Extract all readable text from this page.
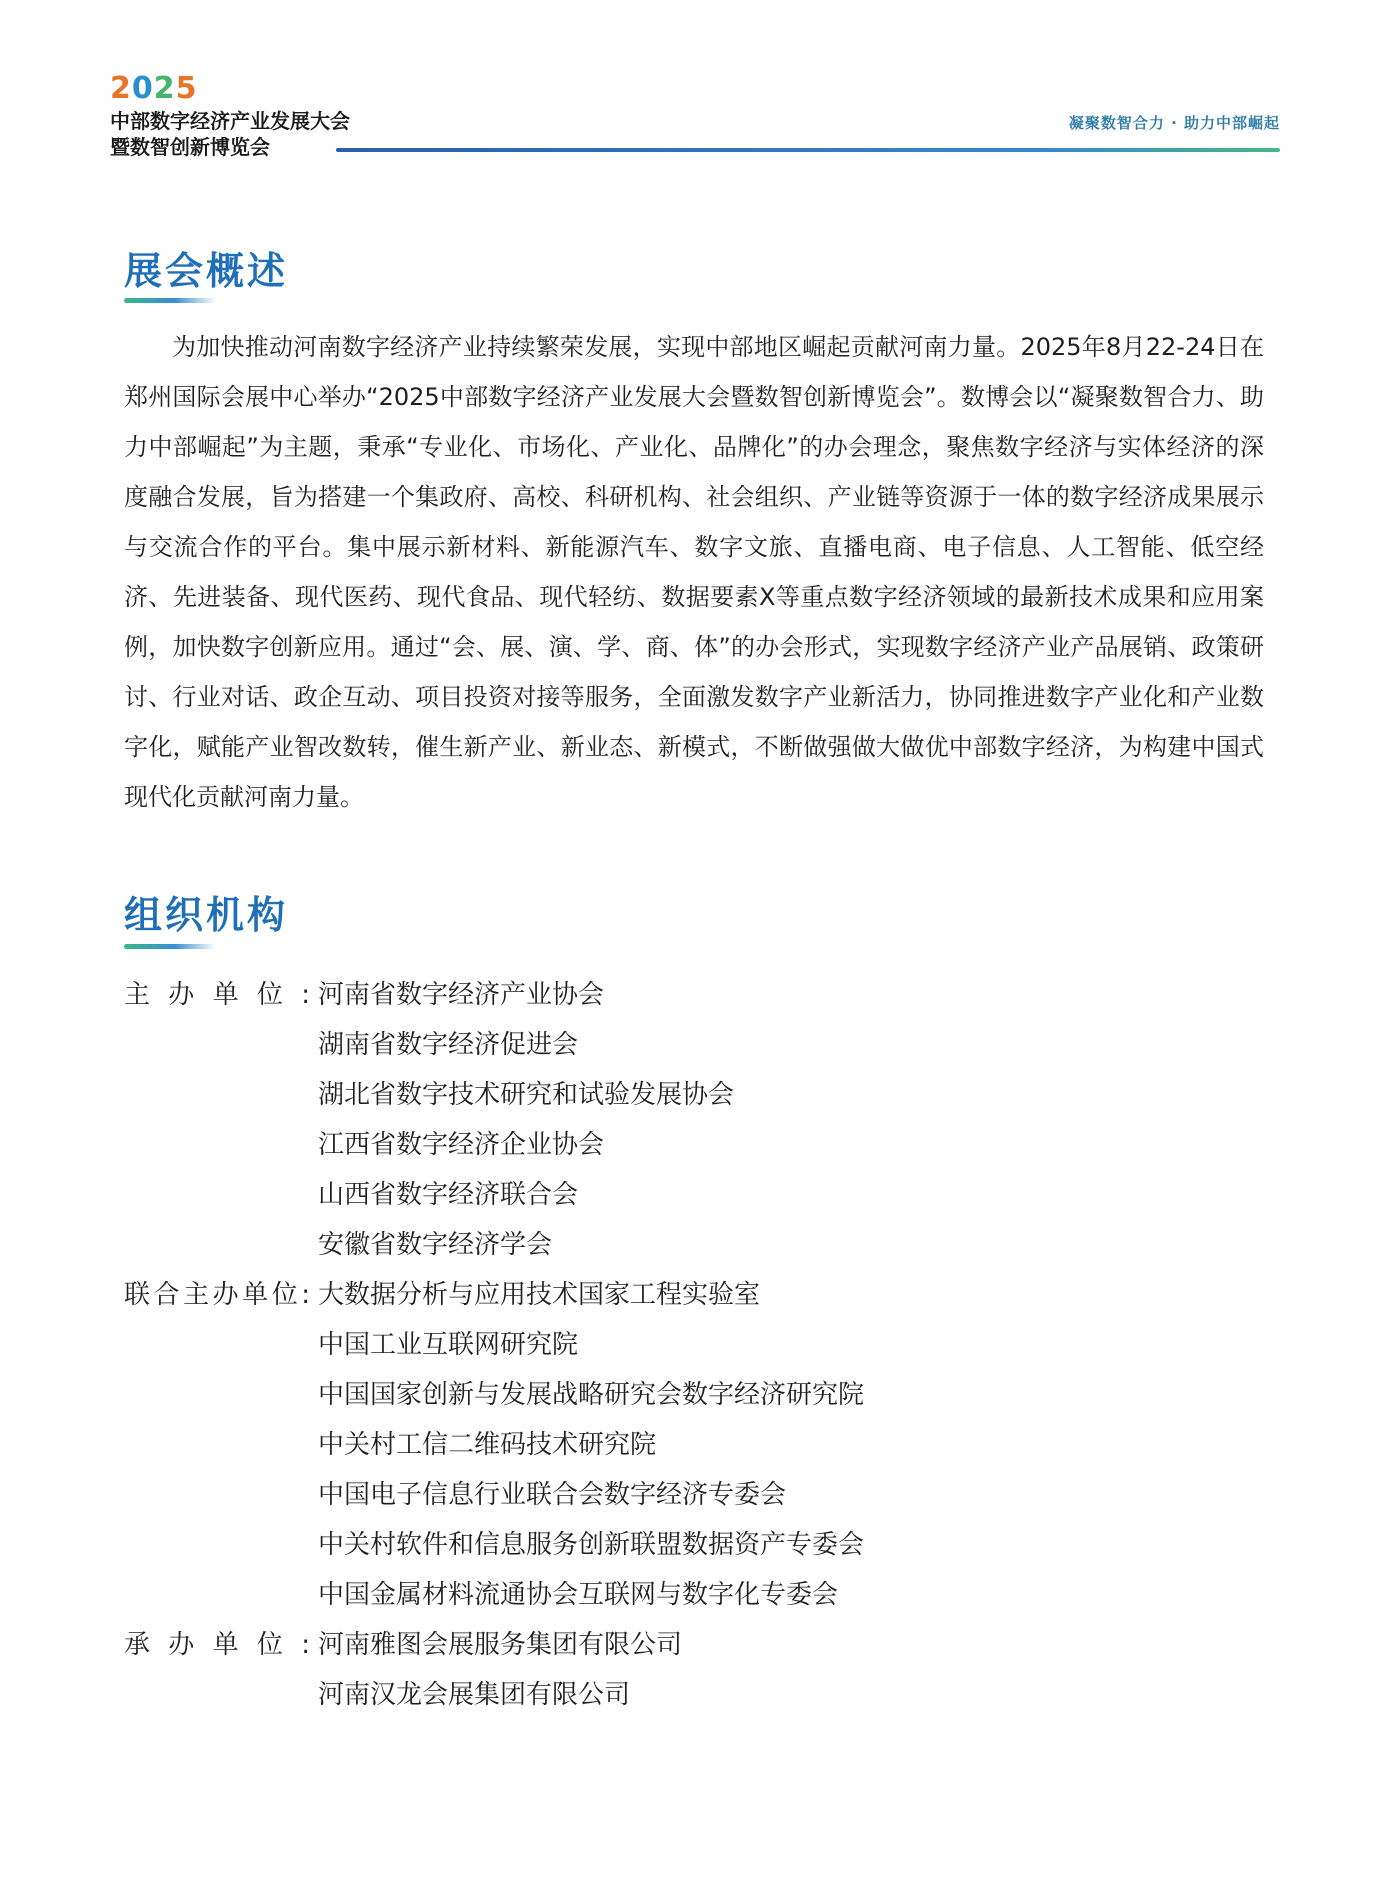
2025
中部数字经济产业发展大会
暨数智创新博览会
凝聚数智合力 · 助力中部崛起
展会概述

为加快推动河南数字经济产业持续繁荣发展，实现中部地区崛起贡献河南力量。2025年8月22-24日在郑州国际会展中心举办“2025中部数字经济产业发展大会暨数智创新博览会”。数博会以“凝聚数智合力、助力中部崛起”为主题，秉承“专业化、市场化、产业化、品牌化”的办会理念，聚焦数字经济与实体经济的深度融合发展，旨为搭建一个集政府、高校、科研机构、社会组织、产业链等资源于一体的数字经济成果展示与交流合作的平台。集中展示新材料、新能源汽车、数字文旅、直播电商、电子信息、人工智能、低空经济、先进装备、现代医药、现代食品、现代轻纺、数据要素X等重点数字经济领域的最新技术成果和应用案例，加快数字创新应用。通过“会、展、演、学、商、体”的办会形式，实现数字经济产业产品展销、政策研讨、行业对话、政企互动、项目投资对接等服务，全面激发数字产业新活力，协同推进数字产业化和产业数字化，赋能产业智改数转，催生新产业、新业态、新模式，不断做强做大做优中部数字经济，为构建中国式现代化贡献河南力量。

组织机构
主办单位: 河南省数字经济产业协会
湖南省数字经济促进会
湖北省数字技术研究和试验发展协会
江西省数字经济企业协会
山西省数字经济联合会
安徽省数字经济学会
联合主办单位: 大数据分析与应用技术国家工程实验室
中国工业互联网研究院
中国国家创新与发展战略研究会数字经济研究院
中关村工信二维码技术研究院
中国电子信息行业联合会数字经济专委会
中关村软件和信息服务创新联盟数据资产专委会
中国金属材料流通协会互联网与数字化专委会
承办单位: 河南雅图会展服务集团有限公司
河南汉龙会展集团有限公司
